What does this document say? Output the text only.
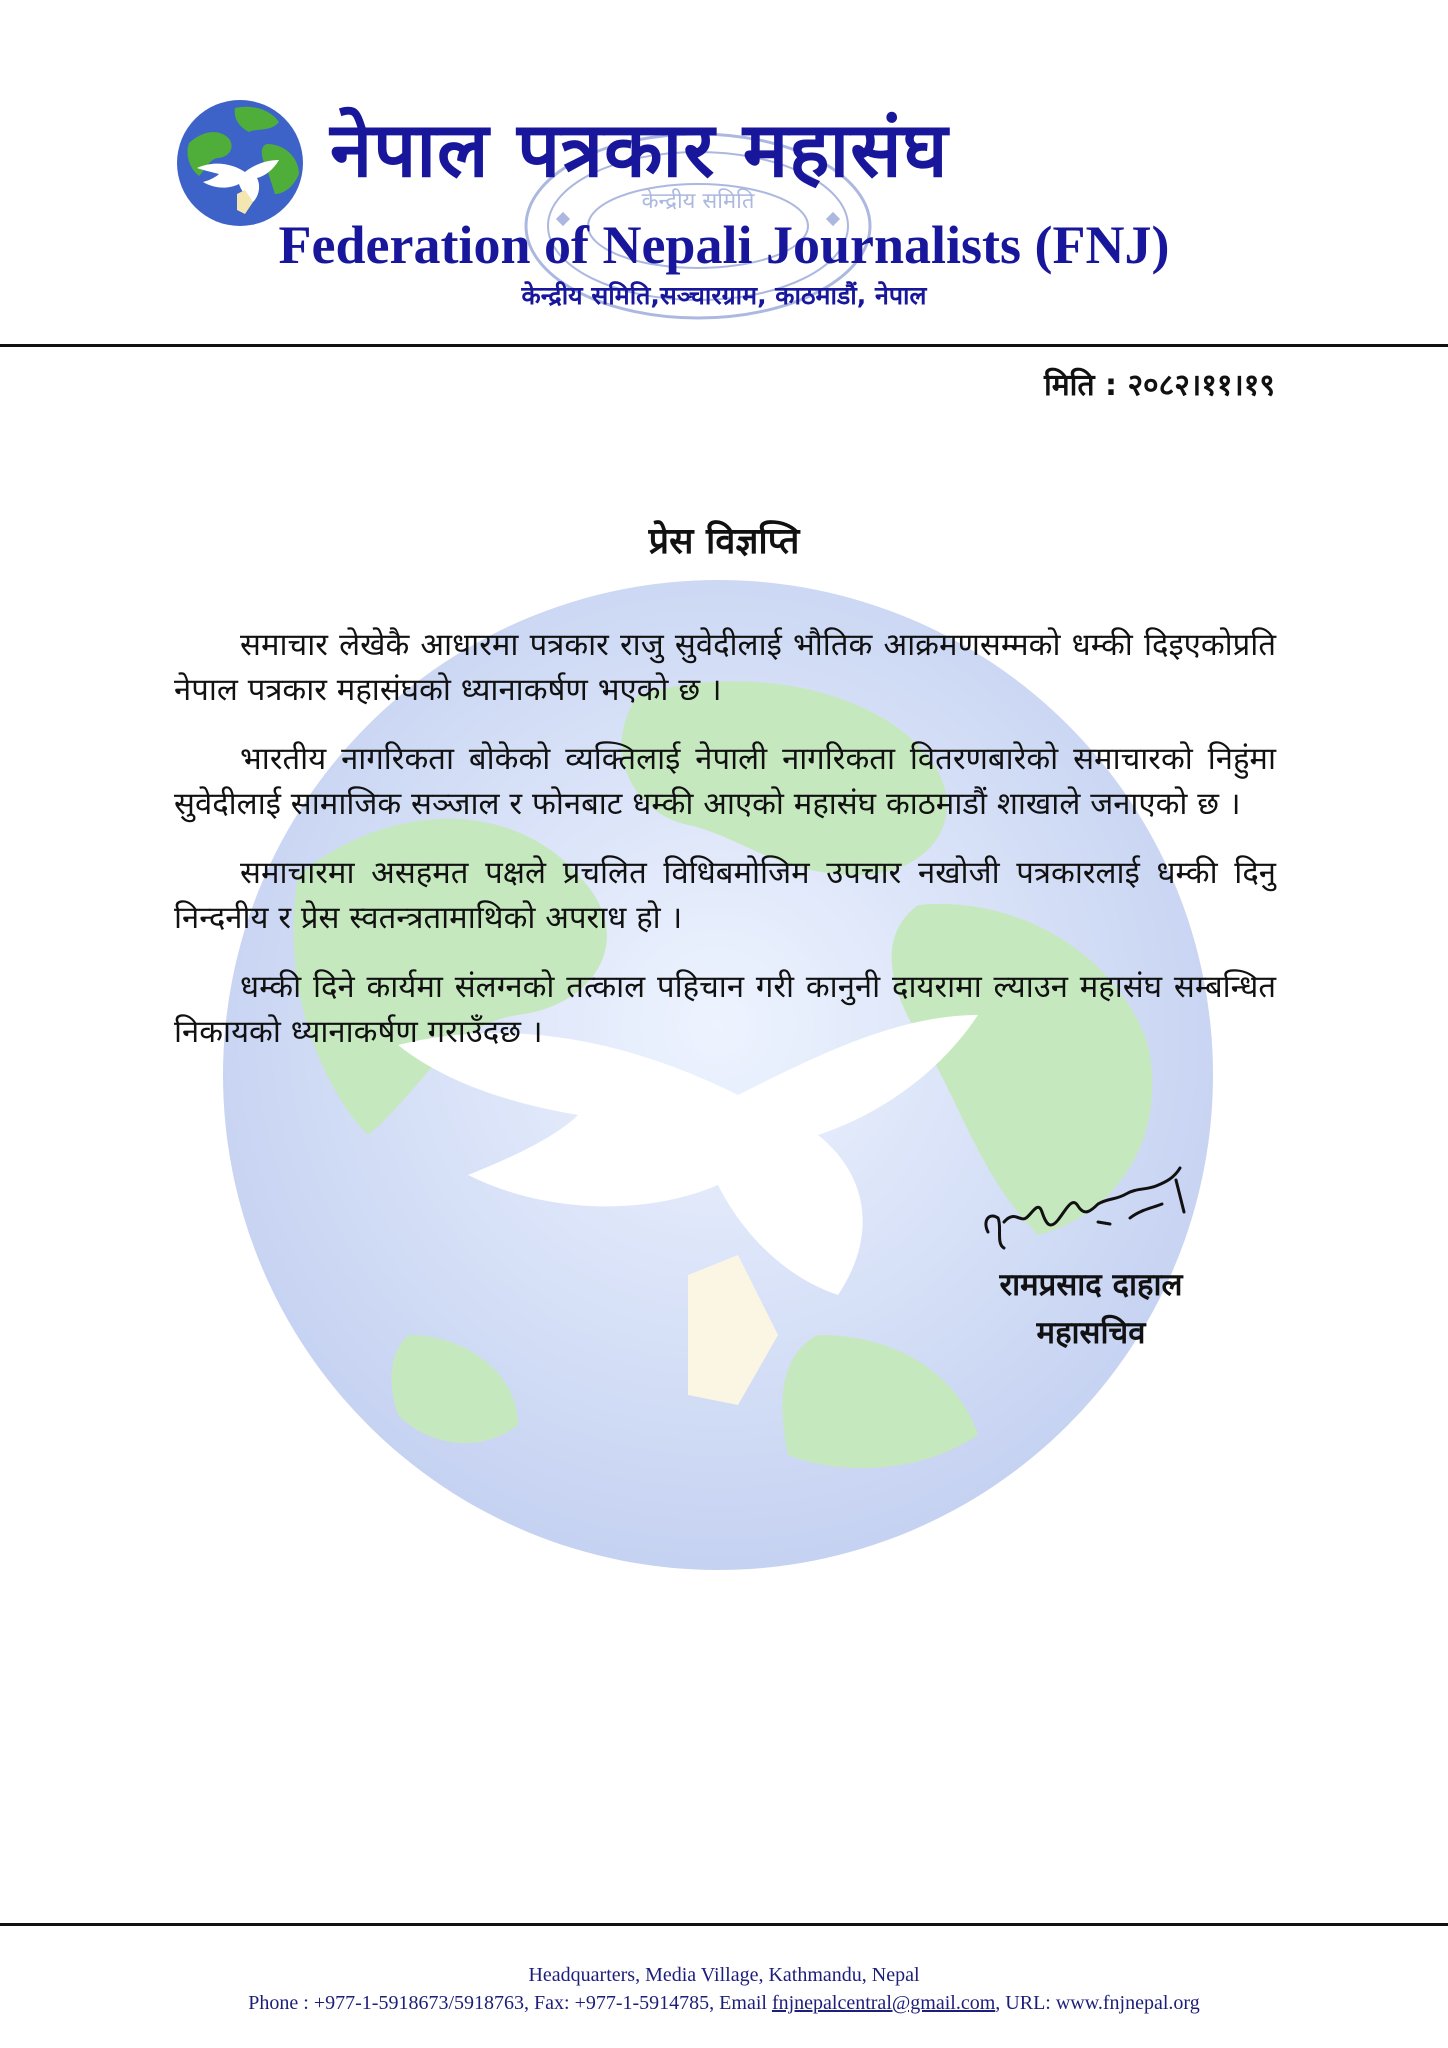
केन्द्रीय समिति
नेपाल पत्रकार महासंघ
Federation of Nepali Journalists (FNJ)
केन्द्रीय समिति,सञ्चारग्राम, काठमाडौं, नेपाल
मिति : २०८२।११।१९
प्रेस विज्ञप्ति

समाचार लेखेकै आधारमा पत्रकार राजु सुवेदीलाई भौतिक आक्रमणसम्मको धम्की दिइएकोप्रति नेपाल पत्रकार महासंघको ध्यानाकर्षण भएको छ ।

भारतीय नागरिकता बोकेको व्यक्तिलाई नेपाली नागरिकता वितरणबारेको समाचारको निहुंमा सुवेदीलाई सामाजिक सञ्जाल र फोनबाट धम्की आएको महासंघ काठमाडौं शाखाले जनाएको छ ।

समाचारमा असहमत पक्षले प्रचलित विधिबमोजिम उपचार नखोजी पत्रकारलाई धम्की दिनु निन्दनीय र प्रेस स्वतन्त्रतामाथिको अपराध हो ।

धम्की दिने कार्यमा संलग्नको तत्काल पहिचान गरी कानुनी दायरामा ल्याउन महासंघ सम्बन्धित निकायको ध्यानाकर्षण गराउँदछ ।

रामप्रसाद दाहाल
महासचिव
Headquarters, Media Village, Kathmandu, Nepal
Phone : +977-1-5918673/5918763, Fax: +977-1-5914785, Email fnjnepalcentral@gmail.com, URL: www.fnjnepal.org
